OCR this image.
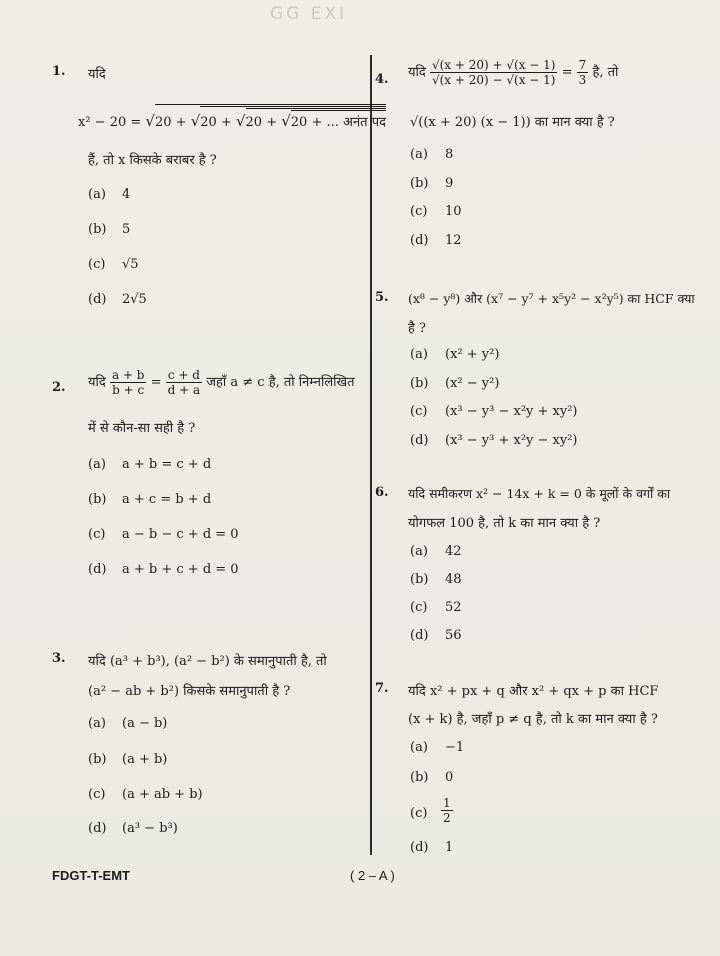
GG EXI
1. यदि
x² − 20 = √20 + √20 + √20 + √20 + ... अनंत पद
हैं, तो x किसके बराबर है ?
(a) 4
(b) 5
(c) √5
(d) 2√5
2. यदि $\frac{a + b}{b + c} = \frac{c + d}{d + a}$ जहाँ a ≠ c है, तो निम्नलिखित
में से कौन-सा सही है ?
(a) a + b = c + d
(b) a + c = b + d
(c) a − b − c + d = 0
(d) a + b + c + d = 0
3. यदि (a³ + b³), (a² − b²) के समानुपाती है, तो
(a² − ab + b²) किसके समानुपाती है ?
(a) (a − b)
(b) (a + b)
(c) (a + ab + b)
(d) (a³ − b³)
4. यदि $\frac{√(x + 20) + √(x - 1)}{√(x + 20) - √(x - 1)} = \frac{7}{3}$ है, तो
√((x + 20) (x − 1)) का मान क्या है ?
(a) 8
(b) 9
(c) 10
(d) 12
5. (x⁸ − y⁸) और (x⁷ − y⁷ + x⁵y² − x²y⁵) का HCF क्या
है ?
(a) (x² + y²)
(b) (x² − y²)
(c) (x³ − y³ − x²y + xy²)
(d) (x³ − y³ + x²y − xy²)
6. यदि समीकरण x² − 14x + k = 0 के मूलों के वर्गों का
योगफल 100 है, तो k का मान क्या है ?
(a) 42
(b) 48
(c) 52
(d) 56
7. यदि x² + px + q और x² + qx + p का HCF
(x + k) है, जहाँ p ≠ q है, तो k का मान क्या है ?
(a) −1
(b) 0
$(c) \frac{1}{2}$
(d) 1
FDGT-T-EMT	( 2 – A )
